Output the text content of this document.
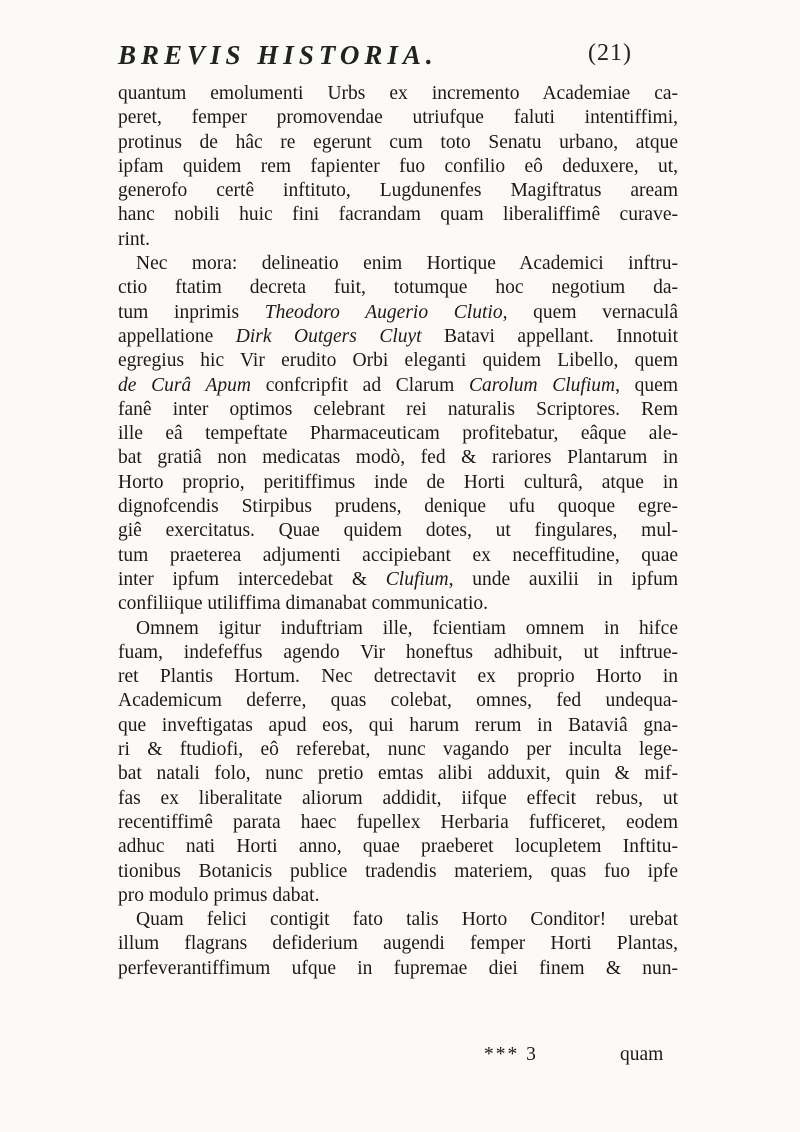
BREVIS HISTORIA.	(21)
quantum emolumenti Urbs ex incremento Academiae ca-
peret, femper promovendae utriufque faluti intentiffimi,
protinus de hâc re egerunt cum toto Senatu urbano, atque
ipfam quidem rem fapienter fuo confilio eô deduxere, ut,
generofo certê inftituto, Lugdunenfes Magiftratus aream
hanc nobili huic fini facrandam quam liberaliffimê curave-
rint.
Nec mora: delineatio enim Hortique Academici inftru-
ctio ftatim decreta fuit, totumque hoc negotium da-
tum inprimis Theodoro Augerio Clutio, quem vernaculâ
appellatione Dirk Outgers Cluyt Batavi appellant. Innotuit
egregius hic Vir erudito Orbi eleganti quidem Libello, quem
de Curâ Apum confcripfit ad Clarum Carolum Clufium, quem
fanê inter optimos celebrant rei naturalis Scriptores. Rem
ille eâ tempeftate Pharmaceuticam profitebatur, eâque ale-
bat gratiâ non medicatas modò, fed & rariores Plantarum in
Horto proprio, peritiffimus inde de Horti culturâ, atque in
dignofcendis Stirpibus prudens, denique ufu quoque egre-
giê exercitatus. Quae quidem dotes, ut fingulares, mul-
tum praeterea adjumenti accipiebant ex neceffitudine, quae
inter ipfum intercedebat & Clufium, unde auxilii in ipfum
confiliique utiliffima dimanabat communicatio.
Omnem igitur induftriam ille, fcientiam omnem in hifce
fuam, indefeffus agendo Vir honeftus adhibuit, ut inftrue-
ret Plantis Hortum. Nec detrectavit ex proprio Horto in
Academicum deferre, quas colebat, omnes, fed undequa-
que inveftigatas apud eos, qui harum rerum in Bataviâ gna-
ri & ftudiofi, eô referebat, nunc vagando per inculta lege-
bat natali folo, nunc pretio emtas alibi adduxit, quin & mif-
fas ex liberalitate aliorum addidit, iifque effecit rebus, ut
recentiffimê parata haec fupellex Herbaria fufficeret, eodem
adhuc nati Horti anno, quae praeberet locupletem Inftitu-
tionibus Botanicis publice tradendis materiem, quas fuo ipfe
pro modulo primus dabat.
Quam felici contigit fato talis Horto Conditor! urebat
illum flagrans defiderium augendi femper Horti Plantas,
perfeverantiffimum ufque in fupremae diei finem & nun-
*** 3	quam
